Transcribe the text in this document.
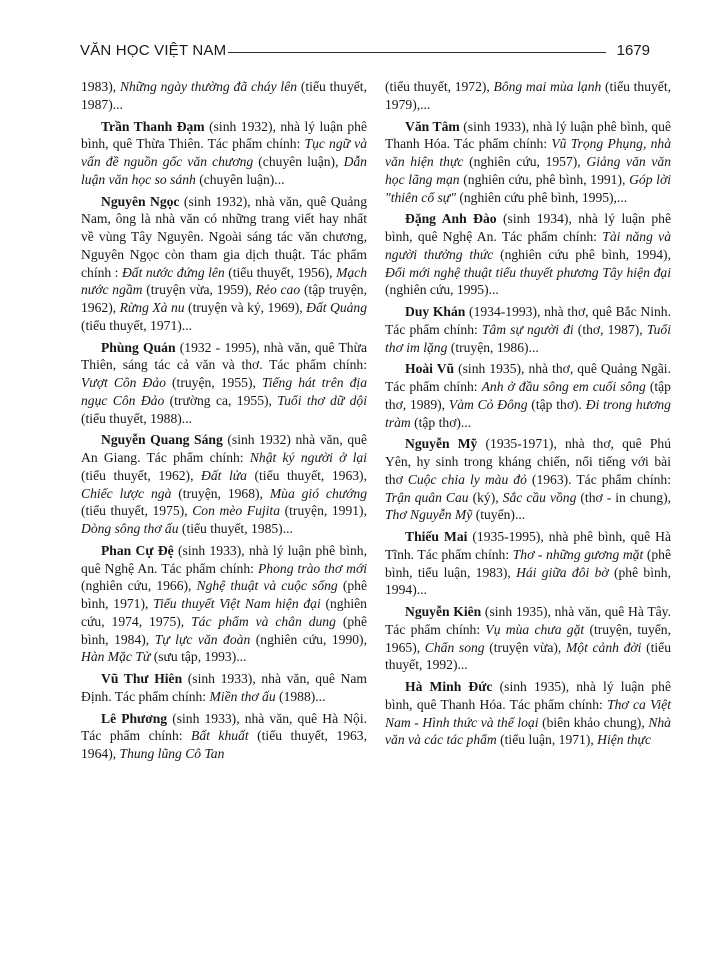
VĂN HỌC VIỆT NAM	1679

1983), Những ngày thường đã cháy lên (tiểu thuyết, 1987)...

Trần Thanh Đạm (sinh 1932), nhà lý luận phê bình, quê Thừa Thiên. Tác phẩm chính: Tục ngữ và vấn đề nguồn gốc văn chương (chuyên luận), Dẫn luận văn học so sánh (chuyên luận)...

Nguyên Ngọc (sinh 1932), nhà văn, quê Quảng Nam, ông là nhà văn có những trang viết hay nhất về vùng Tây Nguyên. Ngoài sáng tác văn chương, Nguyên Ngọc còn tham gia dịch thuật. Tác phẩm chính : Đất nước đứng lên (tiểu thuyết, 1956), Mạch nước ngầm (truyện vừa, 1959), Rẻo cao (tập truyện, 1962), Rừng Xà nu (truyện và ký, 1969), Đất Quảng (tiểu thuyết, 1971)...

Phùng Quán (1932 - 1995), nhà văn, quê Thừa Thiên, sáng tác cả văn và thơ. Tác phẩm chính: Vượt Côn Đảo (truyện, 1955), Tiếng hát trên địa ngục Côn Đảo (trường ca, 1955), Tuổi thơ dữ dội (tiểu thuyết, 1988)...

Nguyễn Quang Sáng (sinh 1932) nhà văn, quê An Giang. Tác phẩm chính: Nhật ký người ở lại (tiểu thuyết, 1962), Đất lửa (tiểu thuyết, 1963), Chiếc lược ngà (truyện, 1968), Mùa gió chướng (tiểu thuyết, 1975), Con mèo Fujita (truyện, 1991), Dòng sông thơ ấu (tiểu thuyết, 1985)...

Phan Cự Đệ (sinh 1933), nhà lý luận phê bình, quê Nghệ An. Tác phẩm chính: Phong trào thơ mới (nghiên cứu, 1966), Nghệ thuật và cuộc sống (phê bình, 1971), Tiểu thuyết Việt Nam hiện đại (nghiên cứu, 1974, 1975), Tác phẩm và chân dung (phê bình, 1984), Tự lực văn đoàn (nghiên cứu, 1990), Hàn Mặc Tử (sưu tập, 1993)...

Vũ Thư Hiên (sinh 1933), nhà văn, quê Nam Định. Tác phẩm chính: Miền thơ ấu (1988)...

Lê Phương (sinh 1933), nhà văn, quê Hà Nội. Tác phẩm chính: Bất khuất (tiểu thuyết, 1963, 1964), Thung lũng Cô Tan

(tiểu thuyết, 1972), Bông mai mùa lạnh (tiểu thuyết, 1979),...

Văn Tâm (sinh 1933), nhà lý luận phê bình, quê Thanh Hóa. Tác phẩm chính: Vũ Trọng Phụng, nhà văn hiện thực (nghiên cứu, 1957), Giảng văn văn học lãng mạn (nghiên cứu, phê bình, 1991), Góp lời "thiên cổ sự" (nghiên cứu phê bình, 1995),...

Đặng Anh Đào (sinh 1934), nhà lý luận phê bình, quê Nghệ An. Tác phẩm chính: Tài năng và người thưởng thức (nghiên cứu phê bình, 1994), Đổi mới nghệ thuật tiểu thuyết phương Tây hiện đại (nghiên cứu, 1995)...

Duy Khán (1934-1993), nhà thơ, quê Bắc Ninh. Tác phẩm chính: Tâm sự người đi (thơ, 1987), Tuổi thơ im lặng (truyện, 1986)...

Hoài Vũ (sinh 1935), nhà thơ, quê Quảng Ngãi. Tác phẩm chính: Anh ở đầu sông em cuối sông (tập thơ, 1989), Vàm Cỏ Đông (tập thơ). Đi trong hương tràm (tập thơ)...

Nguyễn Mỹ (1935-1971), nhà thơ, quê Phú Yên, hy sinh trong kháng chiến, nổi tiếng với bài thơ Cuộc chia ly màu đỏ (1963). Tác phẩm chính: Trận quân Cau (ký), Sắc cầu vồng (thơ - in chung), Thơ Nguyễn Mỹ (tuyển)...

Thiếu Mai (1935-1995), nhà phê bình, quê Hà Tĩnh. Tác phẩm chính: Thơ - những gương mặt (phê bình, tiểu luận, 1983), Hái giữa đôi bờ (phê bình, 1994)...

Nguyễn Kiên (sinh 1935), nhà văn, quê Hà Tây. Tác phẩm chính: Vụ mùa chưa gặt (truyện, tuyển, 1965), Chẩn song (truyện vừa), Một cảnh đời (tiểu thuyết, 1992)...

Hà Minh Đức (sinh 1935), nhà lý luận phê bình, quê Thanh Hóa. Tác phẩm chính: Thơ ca Việt Nam - Hình thức và thể loại (biên khảo chung), Nhà văn và các tác phẩm (tiểu luận, 1971), Hiện thực
